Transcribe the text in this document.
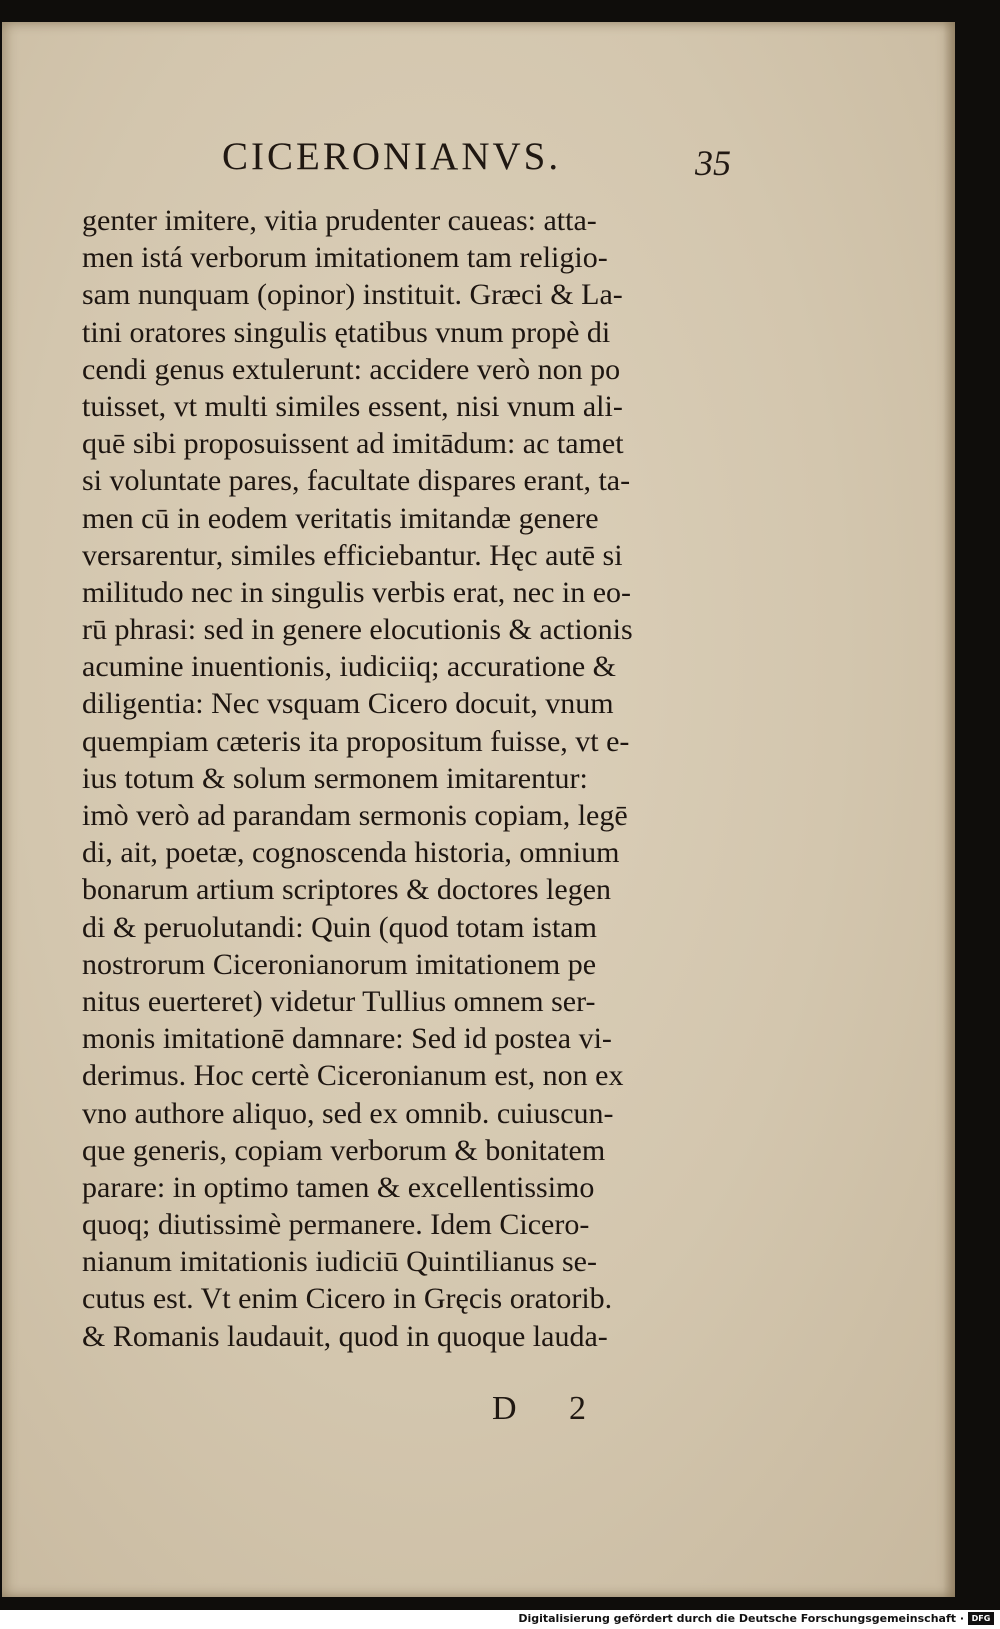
CICERONIANVS.	35
genter imitere, vitia prudenter caueas: atta-
men istá verborum imitationem tam religio-
sam nunquam (opinor) instituit. Græci & La-
tini oratores singulis ętatibus vnum propè di
cendi genus extulerunt: accidere verò non po
tuisset, vt multi similes essent, nisi vnum ali-
quē sibi proposuissent ad imitādum: ac tamet
si voluntate pares, facultate dispares erant, ta-
men cū in eodem veritatis imitandæ genere
versarentur, similes efficiebantur. Hęc autē si
militudo nec in singulis verbis erat, nec in eo-
rū phrasi: sed in genere elocutionis & actionis
acumine inuentionis, iudiciiq; accuratione &
diligentia: Nec vsquam Cicero docuit, vnum
quempiam cæteris ita propositum fuisse, vt e-
ius totum & solum sermonem imitarentur:
imò verò ad parandam sermonis copiam, legē
di, ait, poetæ, cognoscenda historia, omnium
bonarum artium scriptores & doctores legen
di & peruolutandi: Quin (quod totam istam
nostrorum Ciceronianorum imitationem pe
nitus euerteret) videtur Tullius omnem ser-
monis imitationē damnare: Sed id postea vi-
derimus. Hoc certè Ciceronianum est, non ex
vno authore aliquo, sed ex omnib. cuiuscun-
que generis, copiam verborum & bonitatem
parare: in optimo tamen & excellentissimo
quoq; diutissimè permanere. Idem Cicero-
nianum imitationis iudiciū Quintilianus se-
cutus est. Vt enim Cicero in Gręcis oratorib.
& Romanis laudauit, quod in quoque lauda-
D 2
Digitalisierung gefördert durch die Deutsche Forschungsgemeinschaft · DFG
